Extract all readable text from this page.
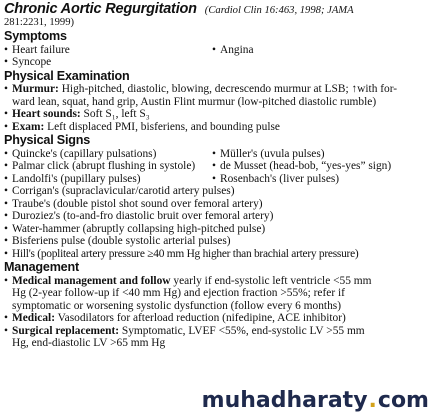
Chronic Aortic Regurgitation (Cardiol Clin 16:463, 1998; JAMA
281:2231, 1999)
Symptoms
• Heart failure	• Angina
• Syncope
Physical Examination
• Murmur: High-pitched, diastolic, blowing, decrescendo murmur at LSB; ↑with for-
ward lean, squat, hand grip, Austin Flint murmur (low-pitched diastolic rumble)
• Heart sounds: Soft S₁, left S₃
• Exam: Left displaced PMI, bisferiens, and bounding pulse
Physical Signs
• Quincke's (capillary pulsations)	• Müller's (uvula pulses)
• Palmar click (abrupt flushing in systole)	• de Musset (head-bob, “yes-yes” sign)
• Landolfi's (pupillary pulses)	• Rosenbach's (liver pulses)
• Corrigan's (supraclavicular/carotid artery pulses)
• Traube's (double pistol shot sound over femoral artery)
• Duroziez's (to-and-fro diastolic bruit over femoral artery)
• Water-hammer (abruptly collapsing high-pitched pulse)
• Bisferiens pulse (double systolic arterial pulses)
• Hill's (popliteal artery pressure ≥40 mm Hg higher than brachial artery pressure)
Management
• Medical management and follow yearly if end-systolic left ventricle <55 mm
Hg (2-year follow-up if <40 mm Hg) and ejection fraction >55%; refer if
symptomatic or worsening systolic dysfunction (follow every 6 months)
• Medical: Vasodilators for afterload reduction (nifedipine, ACE inhibitor)
• Surgical replacement: Symptomatic, LVEF <55%, end-systolic LV >55 mm
Hg, end-diastolic LV >65 mm Hg
muhadharaty . com
